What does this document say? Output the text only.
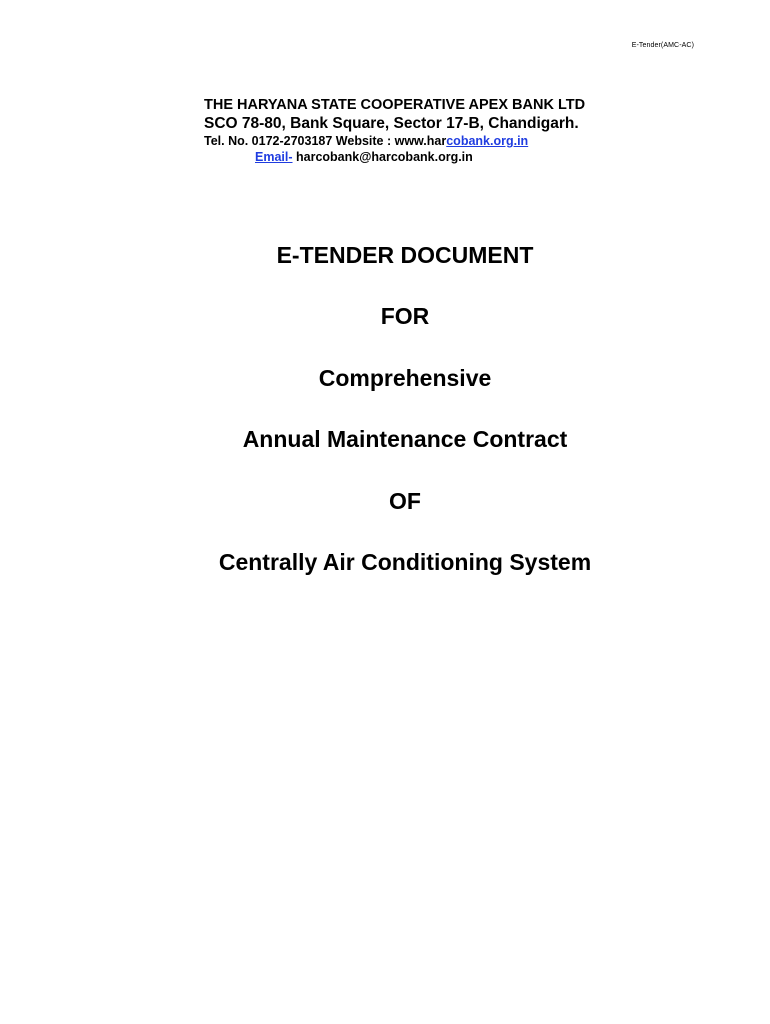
E-Tender(AMC-AC)
THE HARYANA STATE COOPERATIVE APEX BANK LTD
SCO 78-80, Bank Square, Sector 17-B, Chandigarh.
Tel. No. 0172-2703187 Website : www.harcobank.org.in
Email- harcobank@harcobank.org.in
E-TENDER DOCUMENT
FOR
Comprehensive
Annual Maintenance Contract
OF
Centrally Air Conditioning System
